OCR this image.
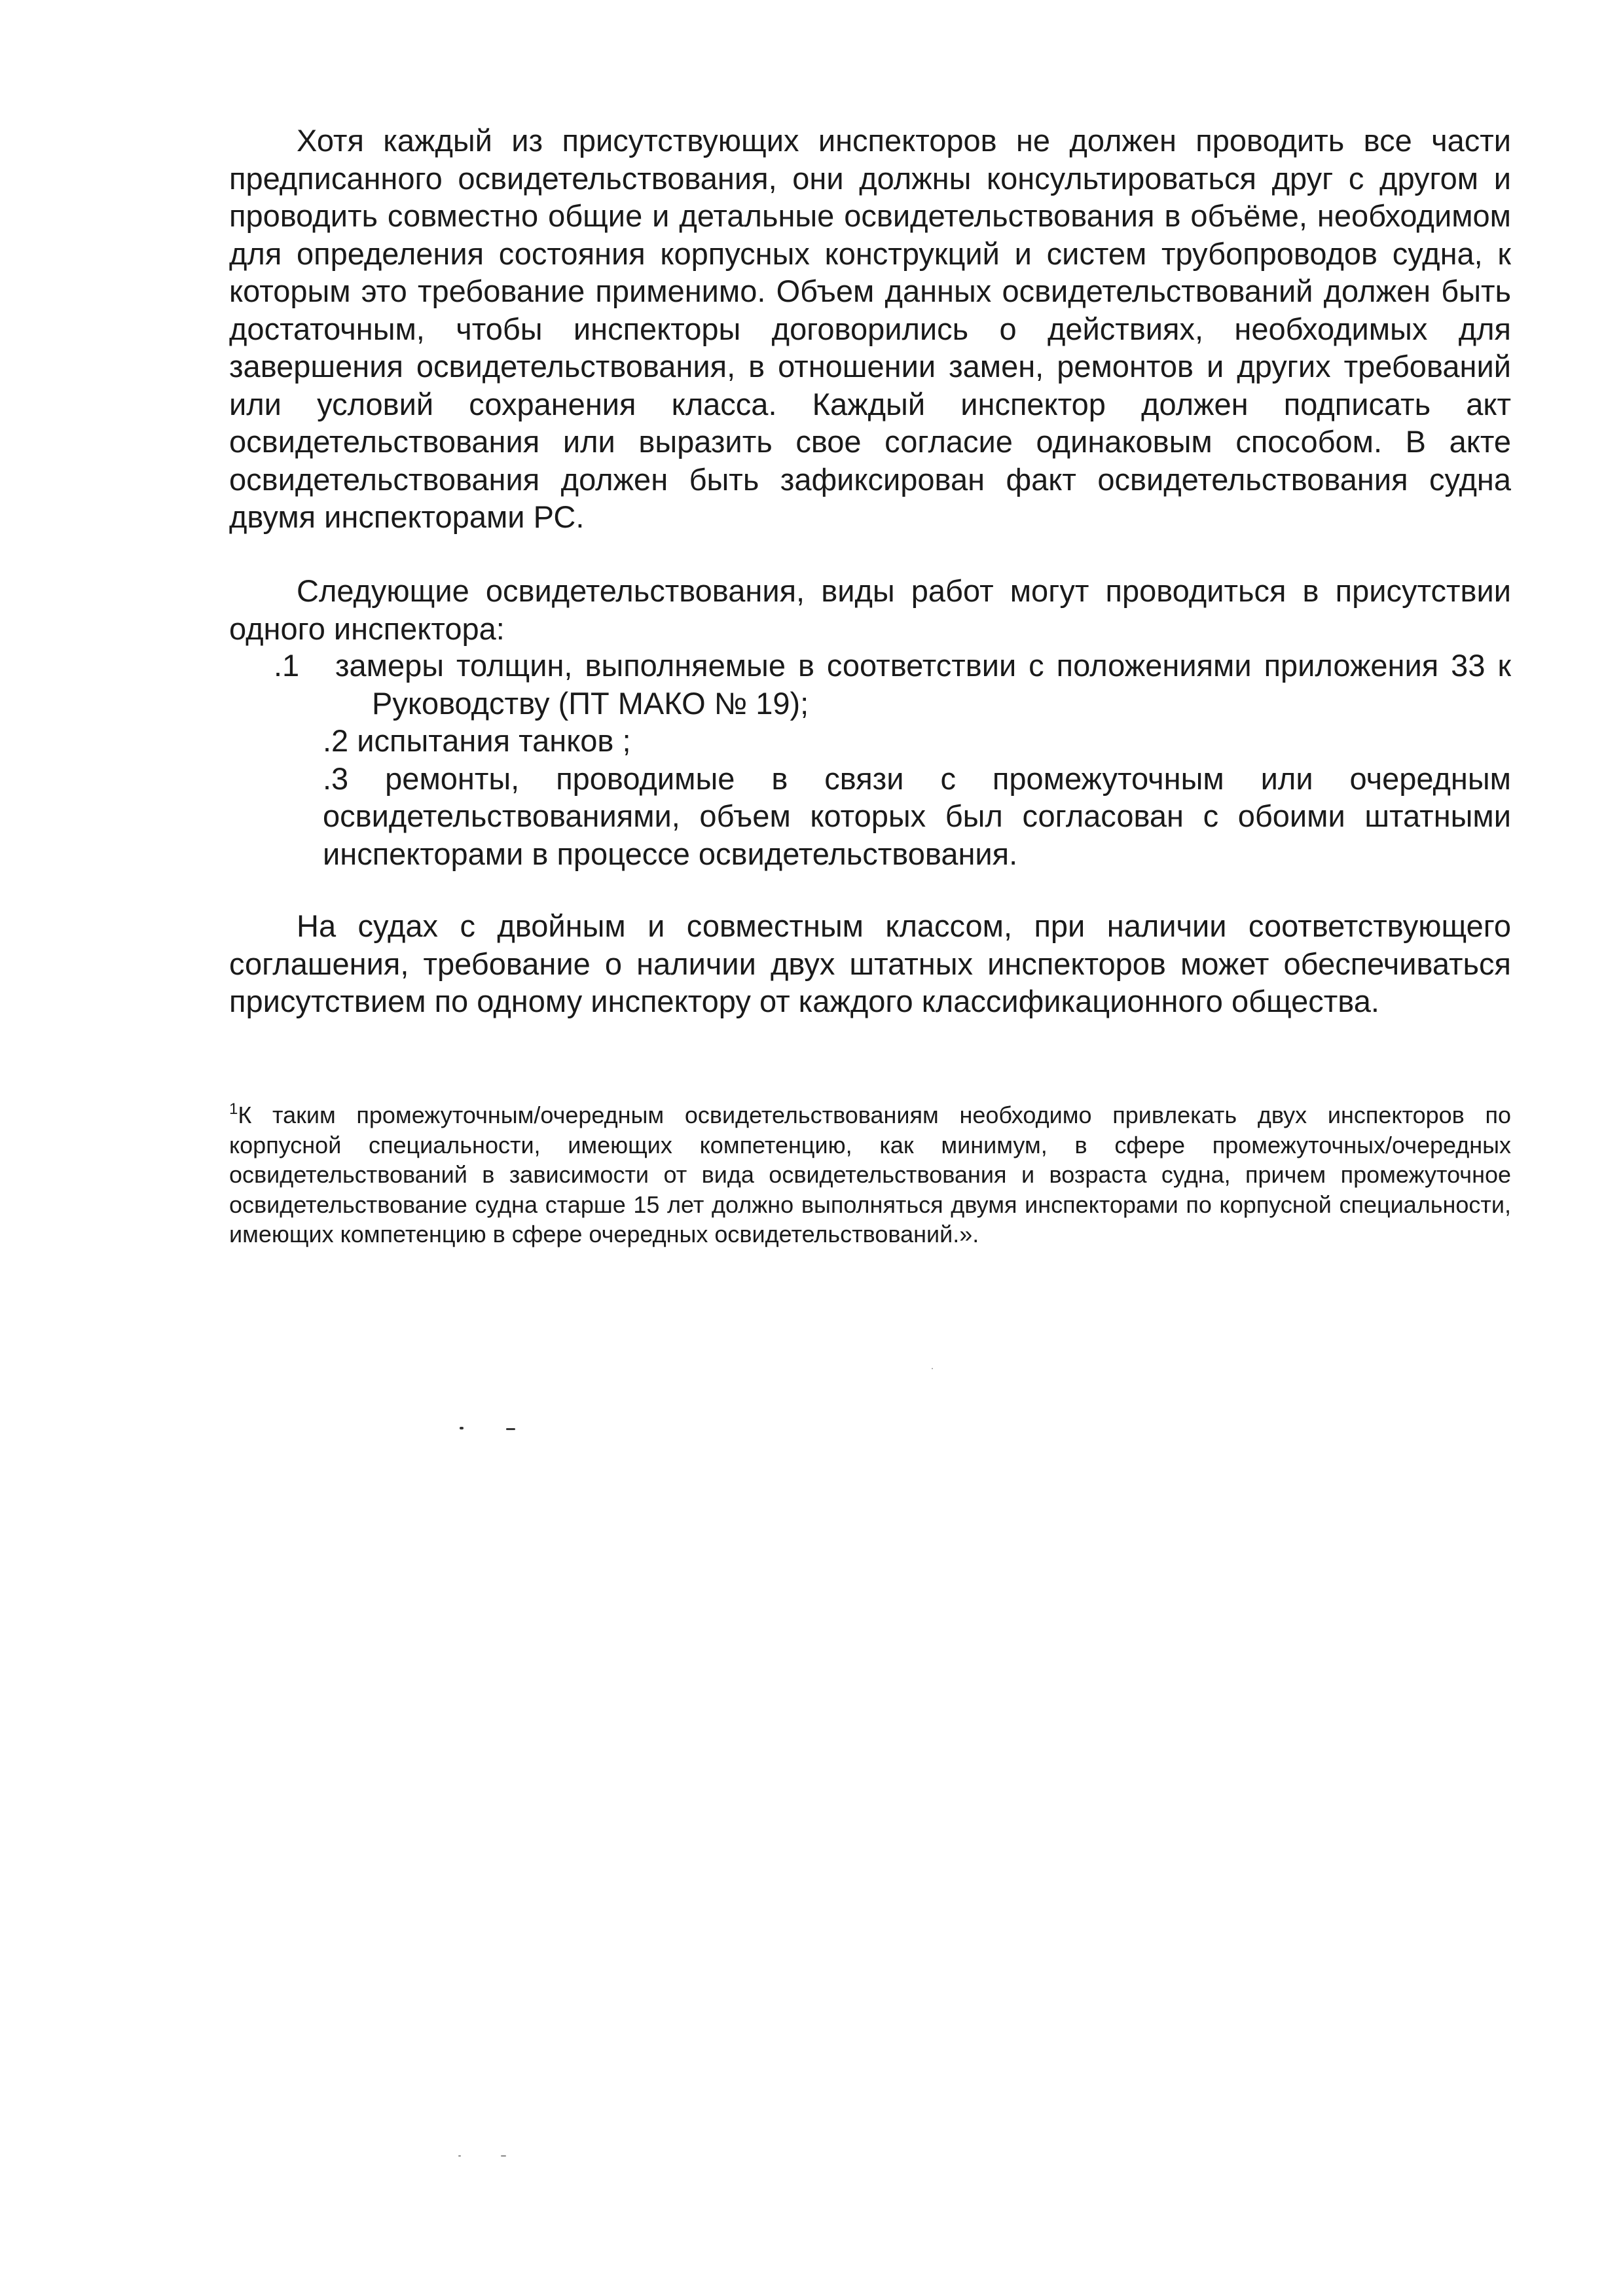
Хотя каждый из присутствующих инспекторов не должен проводить все части предписанного освидетельствования, они должны консультироваться друг с другом и проводить совместно общие и детальные освидетельствования в объёме, необходимом для определения состояния корпусных конструкций и систем трубопроводов судна, к которым это требование применимо. Объем данных освидетельствований должен быть достаточным, чтобы инспекторы договорились о действиях, необходимых для завершения освидетельствования, в отношении замен, ремонтов и других требований или условий сохранения класса. Каждый инспектор должен подписать акт освидетельствования или выразить свое согласие одинаковым способом. В акте освидетельствования должен быть зафиксирован факт освидетельствования судна двумя инспекторами РС.

Следующие освидетельствования, виды работ могут проводиться в присутствии одного инспектора:

.1 замеры толщин, выполняемые в соответствии с положениями приложения 33 к Руководству (ПТ МАКО № 19);
.2 испытания танков ;
.3 ремонты, проводимые в связи с промежуточным или очередным освидетельствованиями, объем которых был согласован с обоими штатными инспекторами в процессе освидетельствования.

На судах с двойным и совместным классом, при наличии соответствующего соглашения, требование о наличии двух штатных инспекторов может обеспечиваться присутствием по одному инспектору от каждого классификационного общества.

$^1$К таким промежуточным/очередным освидетельствованиям необходимо привлекать двух инспекторов по корпусной специальности, имеющих компетенцию, как минимум, в сфере промежуточных/очередных освидетельствований в зависимости от вида освидетельствования и возраста судна, причем промежуточное освидетельствование судна старше 15 лет должно выполняться двумя инспекторами по корпусной специальности, имеющих компетенцию в сфере очередных освидетельствований.».
